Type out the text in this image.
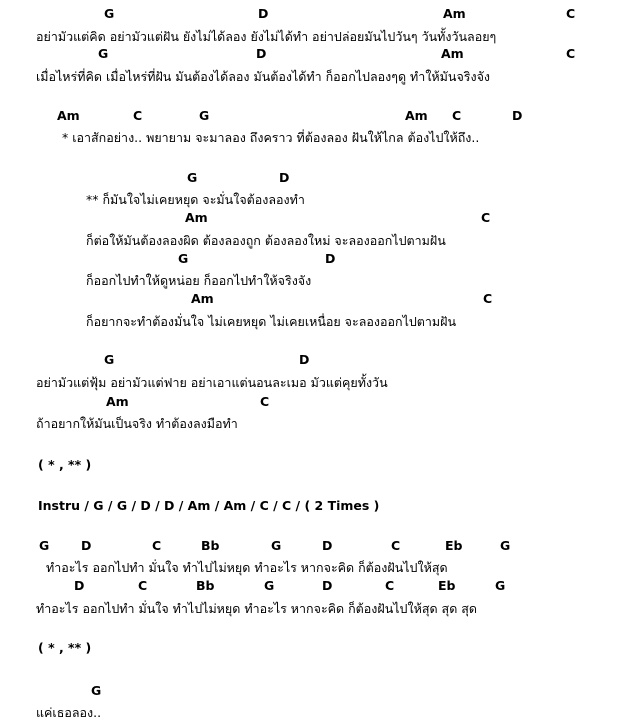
G	D	Am	C
อย่ามัวแต่คิด อย่ามัวแต่ฝัน ยังไม่ได้ลอง ยังไม่ได้ทำ อย่าปล่อยมันไปวันๆ วันทั้งวันลอยๆ
G	D	Am	C
เมื่อไหร่ที่คิด เมื่อไหร่ที่ฝัน มันต้องได้ลอง มันต้องได้ทำ ก็ออกไปลองๆดู ทำให้มันจริงจัง
Am	C	G	Am C	D
* เอาสักอย่าง.. พยายาม จะมาลอง ถึงคราว ที่ต้องลอง ฝันให้ไกล ต้องไปให้ถึง..
G	D
** ก็มันใจไม่เคยหยุด จะมั่นใจต้องลองทำ
Am	C
ก็ต่อให้มันต้องลองผิด ต้องลองถูก ต้องลองใหม่ จะลองออกไปตามฝัน
G	D
ก็ออกไปทำให้ดูหน่อย ก็ออกไปทำให้จริงจัง
Am	C
ก็อยากจะทำต้องมั่นใจ ไม่เคยหยุด ไม่เคยเหนื่อย จะลองออกไปตามฝัน
G	D
อย่ามัวแต่ฟุ้ม อย่ามัวแต่ฟาย อย่าเอาแต่นอนละเมอ มัวแต่คุยทั้งวัน
Am	C
ถ้าอยากให้มันเป็นจริง ทำต้องลงมือทำ
( * , ** )
Instru / G / G / D / D / Am / Am / C / C / ( 2 Times )
G	D	C	Bb	G	D	C	Eb	G
ทำอะไร ออกไปทำ มั่นใจ ทำไปไม่หยุด ทำอะไร หากจะคิด ก็ต้องฝันไปให้สุด
D	C	Bb	G	D	C	Eb	G
ทำอะไร ออกไปทำ มั่นใจ ทำไปไม่หยุด ทำอะไร หากจะคิด ก็ต้องฝันไปให้สุด สุด สุด
( * , ** )
G
แค่เธอลอง..
